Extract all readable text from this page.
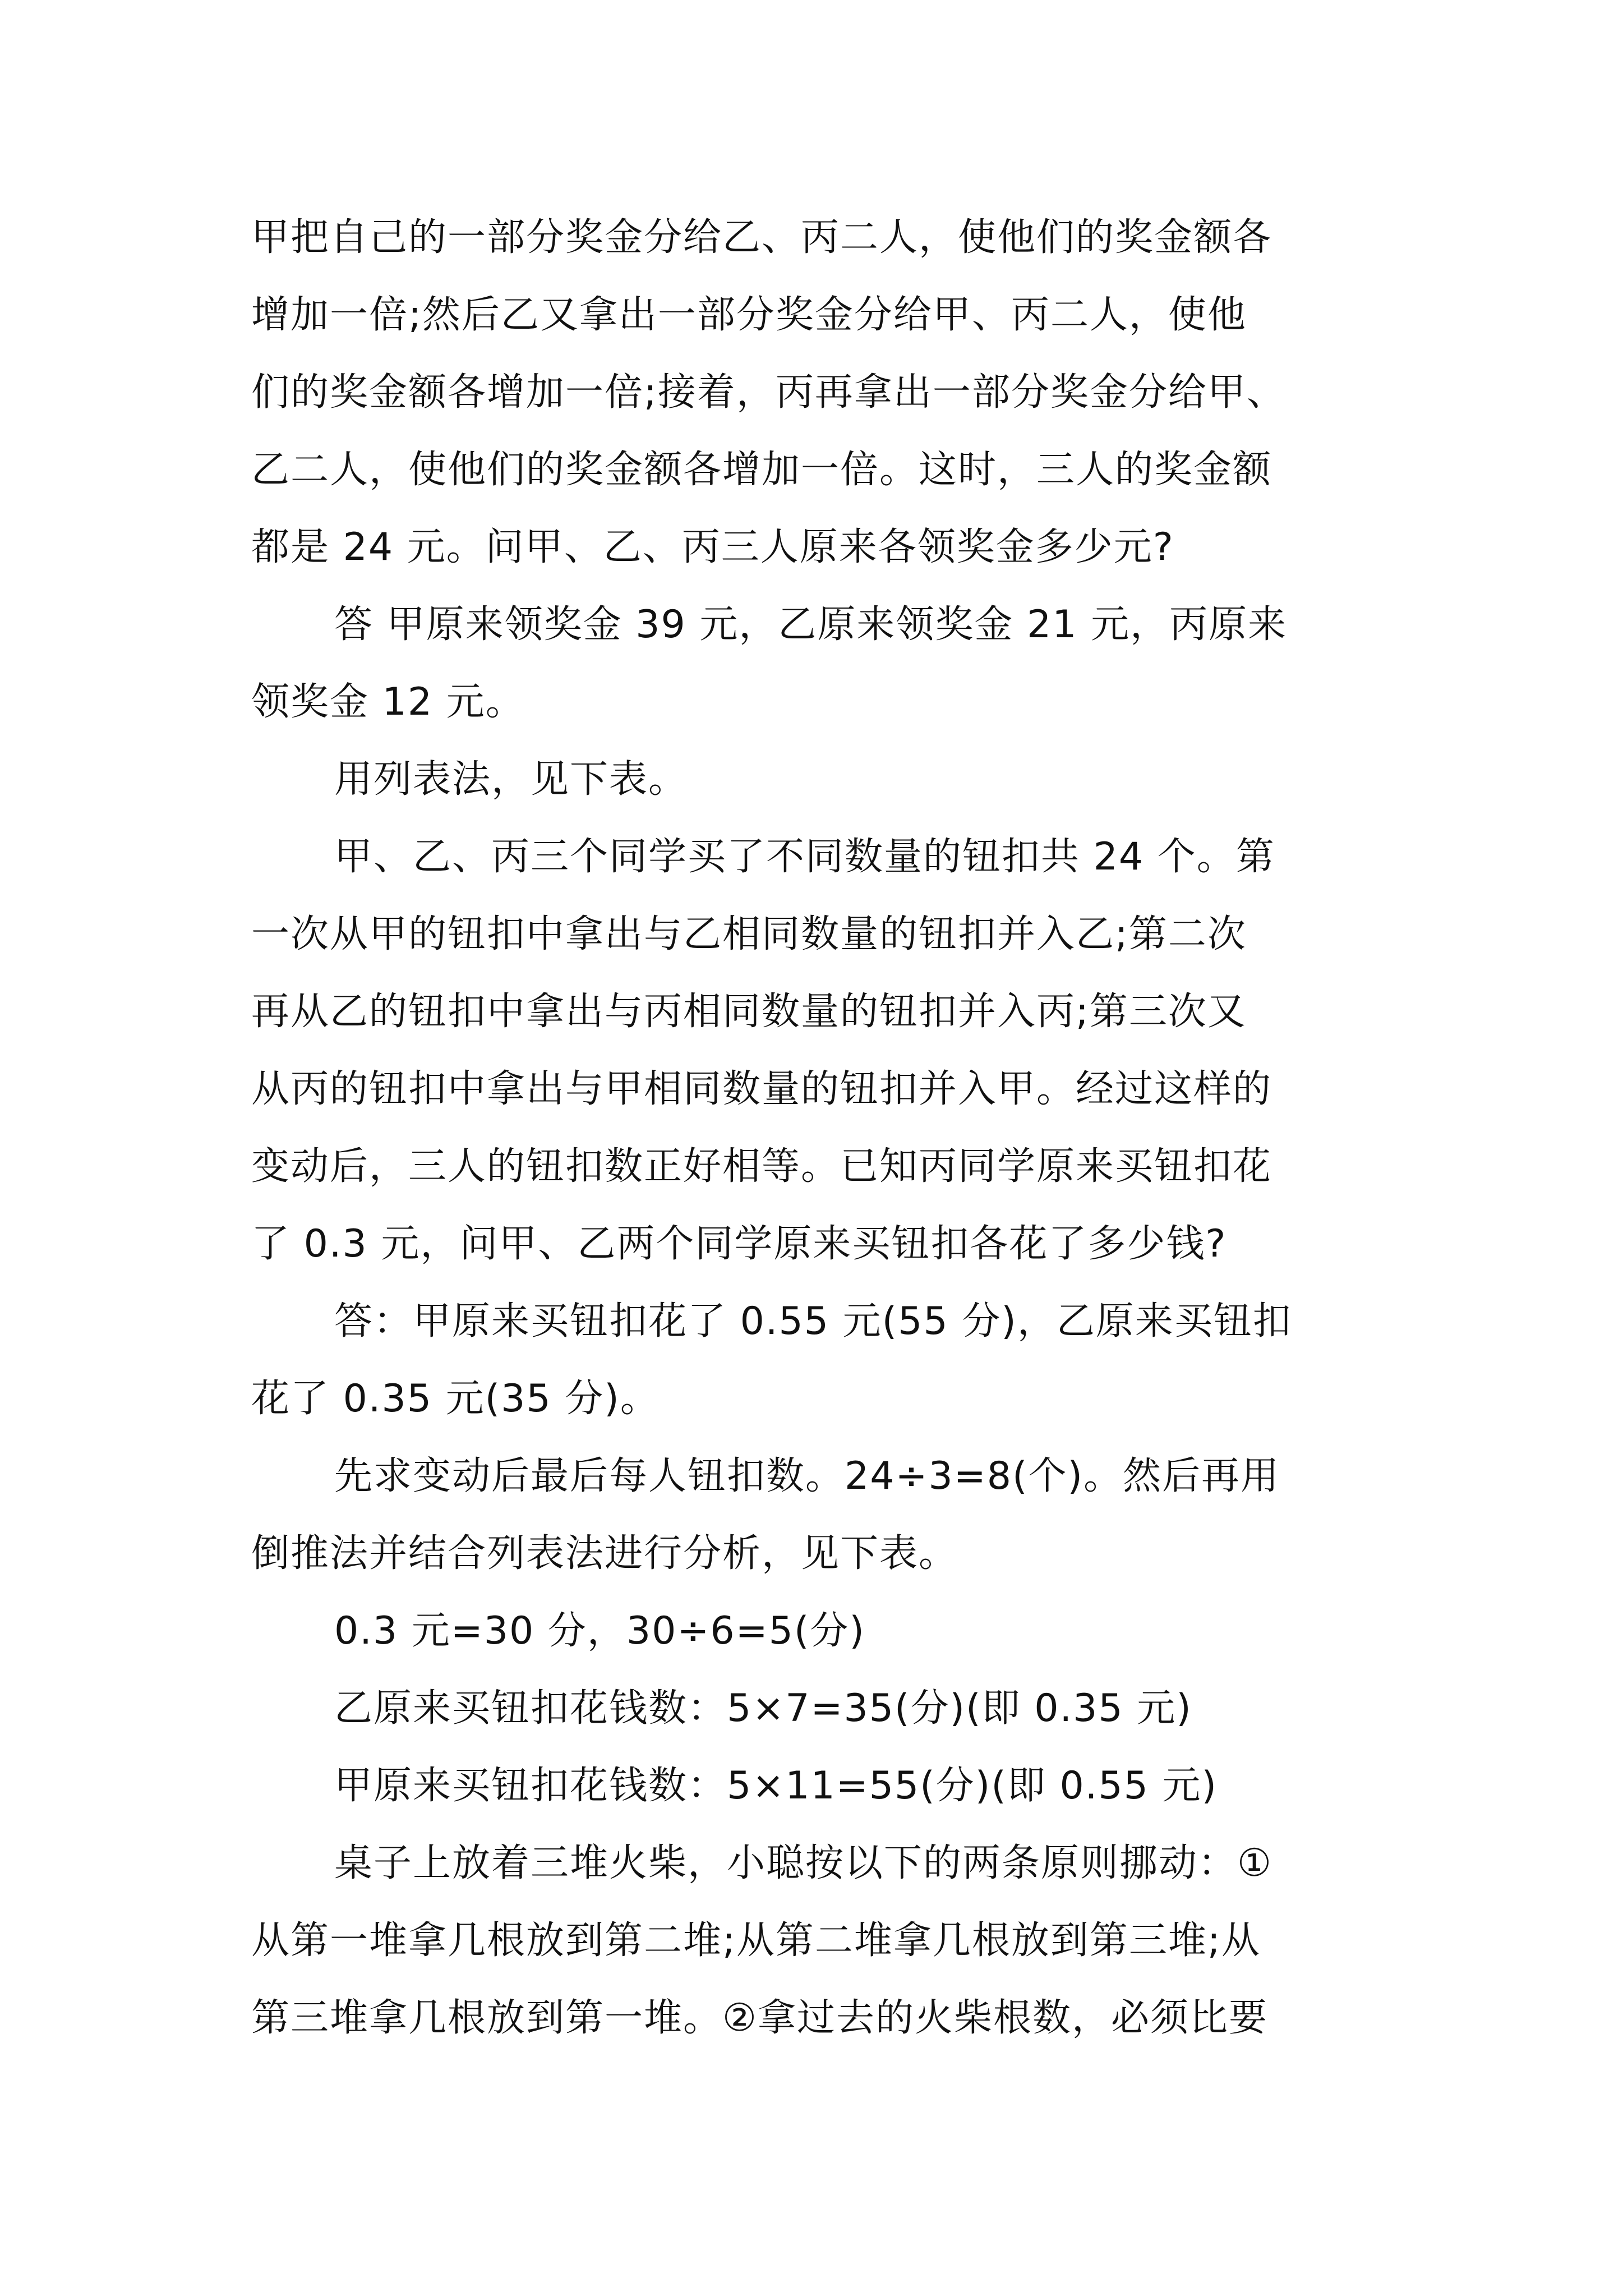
甲把自己的一部分奖金分给乙、丙二人，使他们的奖金额各
增加一倍;然后乙又拿出一部分奖金分给甲、丙二人，使他
们的奖金额各增加一倍;接着，丙再拿出一部分奖金分给甲、
乙二人，使他们的奖金额各增加一倍。这时，三人的奖金额
都是 24 元。问甲、乙、丙三人原来各领奖金多少元?
答 甲原来领奖金 39 元，乙原来领奖金 21 元，丙原来
领奖金 12 元。
用列表法，见下表。
甲、乙、丙三个同学买了不同数量的钮扣共 24 个。第
一次从甲的钮扣中拿出与乙相同数量的钮扣并入乙;第二次
再从乙的钮扣中拿出与丙相同数量的钮扣并入丙;第三次又
从丙的钮扣中拿出与甲相同数量的钮扣并入甲。经过这样的
变动后，三人的钮扣数正好相等。已知丙同学原来买钮扣花
了 0.3 元，问甲、乙两个同学原来买钮扣各花了多少钱?
答：甲原来买钮扣花了 0.55 元(55 分)，乙原来买钮扣
花了 0.35 元(35 分)。
先求变动后最后每人钮扣数。24÷3=8(个)。然后再用
倒推法并结合列表法进行分析，见下表。
0.3 元=30 分，30÷6=5(分)
乙原来买钮扣花钱数：5×7=35(分)(即 0.35 元)
甲原来买钮扣花钱数：5×11=55(分)(即 0.55 元)
桌子上放着三堆火柴，小聪按以下的两条原则挪动：①
从第一堆拿几根放到第二堆;从第二堆拿几根放到第三堆;从
第三堆拿几根放到第一堆。②拿过去的火柴根数，必须比要
